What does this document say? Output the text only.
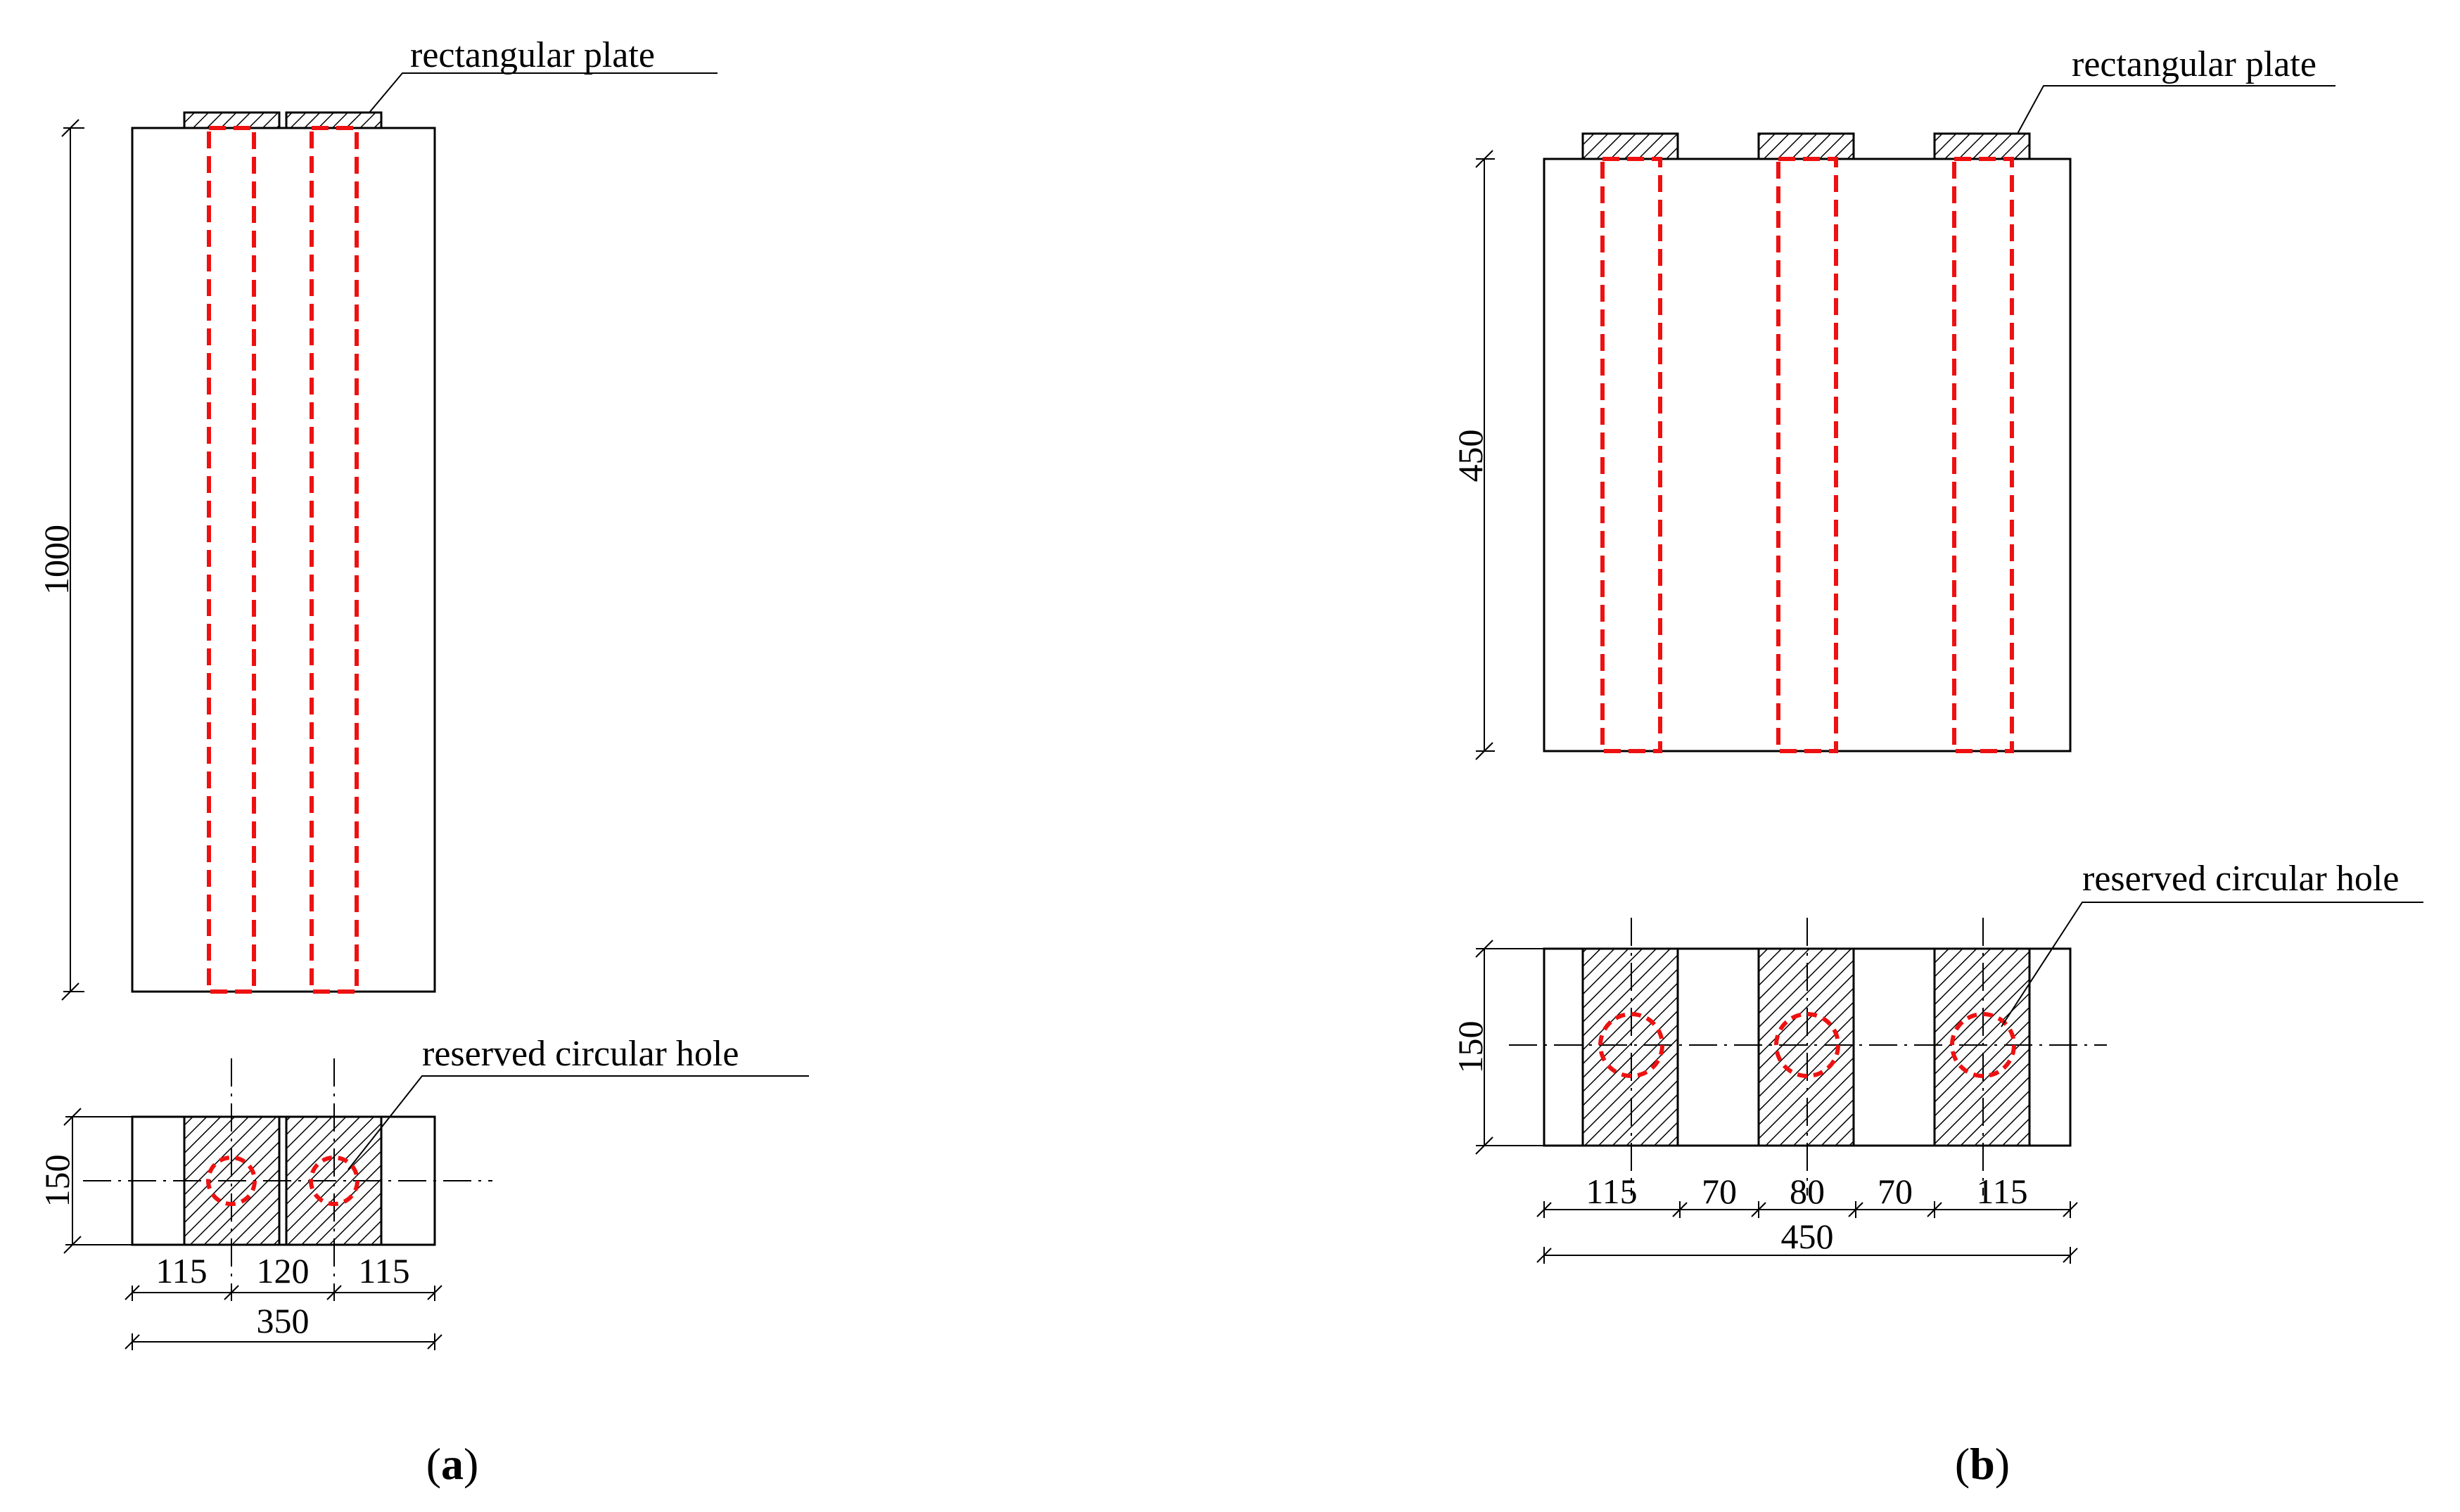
rectangular plate
1000
reserved circular hole
150
115 120 115
350
(a)
rectangular plate
450
reserved circular hole
150
115 70 80 70 115
450
(b)
